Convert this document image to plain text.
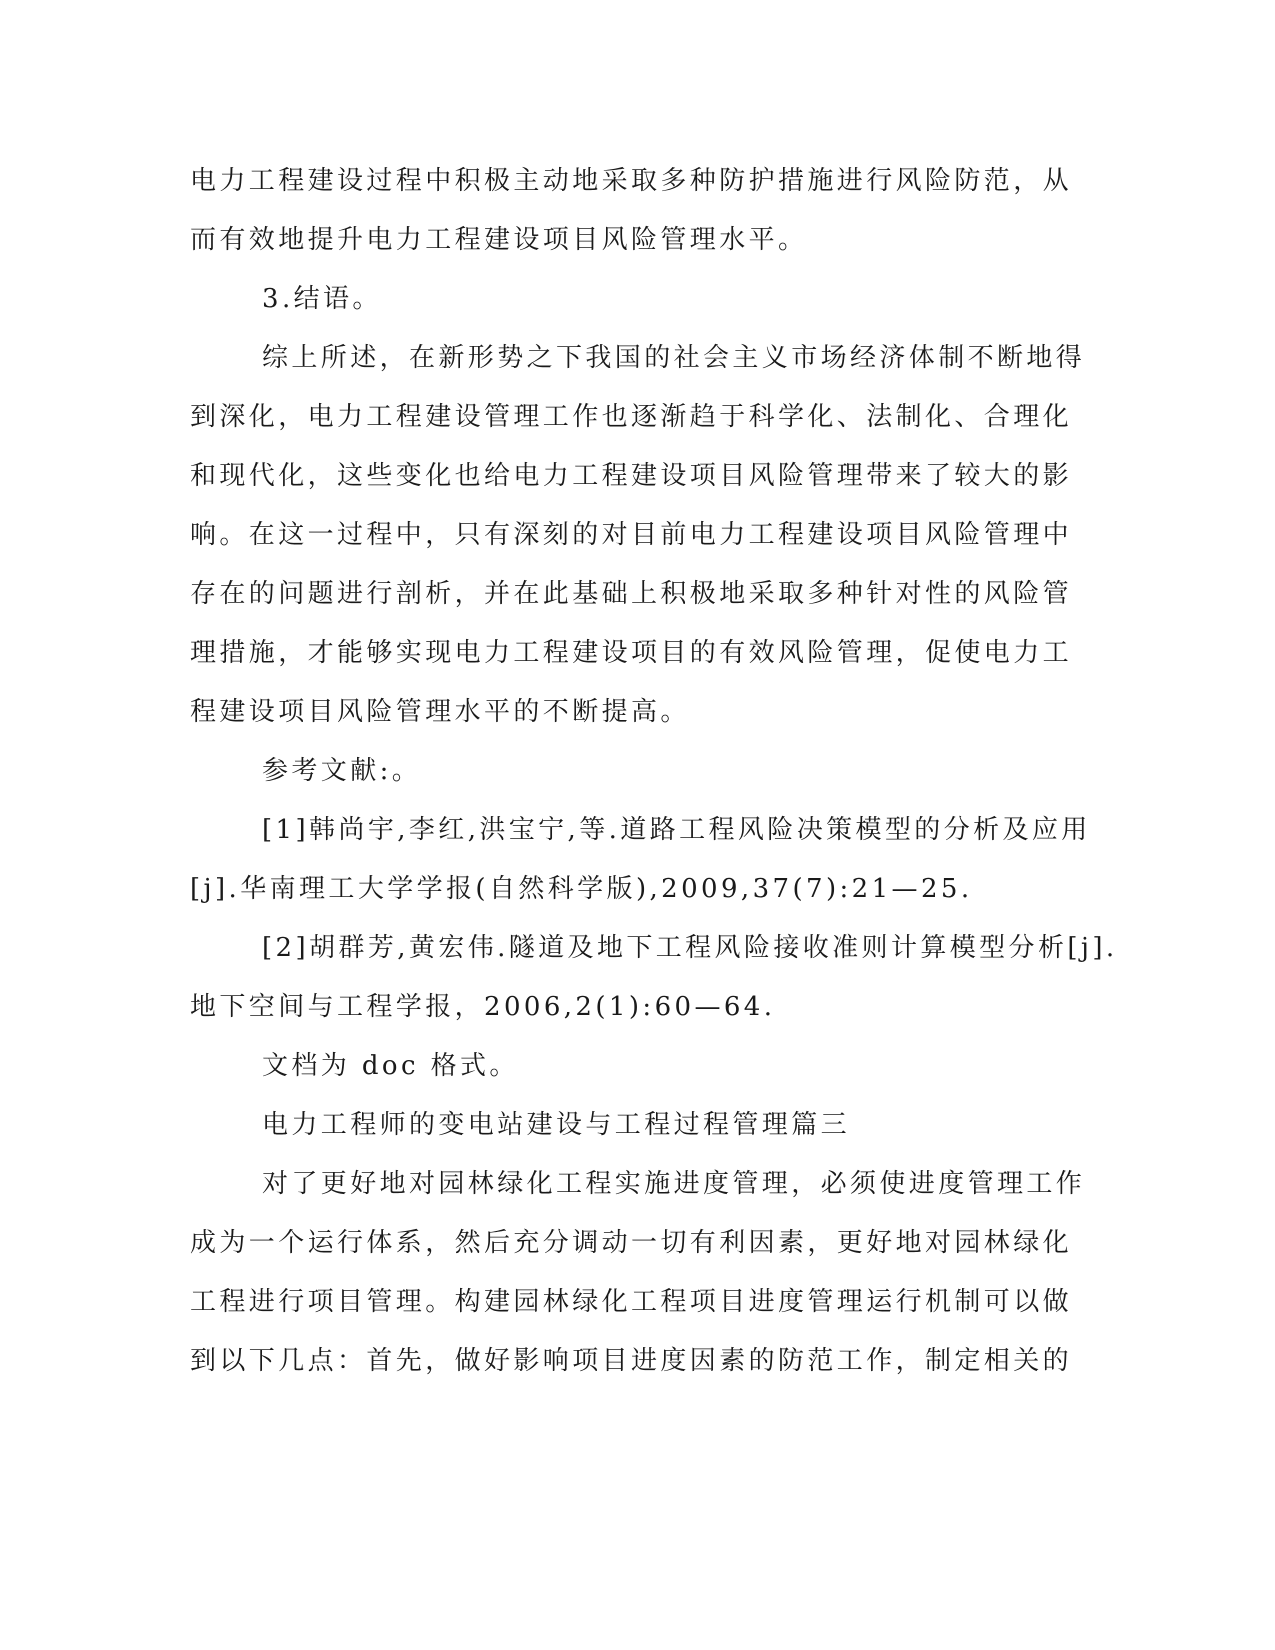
电力工程建设过程中积极主动地采取多种防护措施进行风险防范，从
而有效地提升电力工程建设项目风险管理水平。
3.结语。
综上所述，在新形势之下我国的社会主义市场经济体制不断地得
到深化，电力工程建设管理工作也逐渐趋于科学化、法制化、合理化
和现代化，这些变化也给电力工程建设项目风险管理带来了较大的影
响。在这一过程中，只有深刻的对目前电力工程建设项目风险管理中
存在的问题进行剖析，并在此基础上积极地采取多种针对性的风险管
理措施，才能够实现电力工程建设项目的有效风险管理，促使电力工
程建设项目风险管理水平的不断提高。
参考文献:。
[1]韩尚宇,李红,洪宝宁,等.道路工程风险决策模型的分析及应用
[j].华南理工大学学报(自然科学版),2009,37(7):21—25.
[2]胡群芳,黄宏伟.隧道及地下工程风险接收准则计算模型分析[j].
地下空间与工程学报，2006,2(1):60—64.
文档为 doc 格式。
电力工程师的变电站建设与工程过程管理篇三
对了更好地对园林绿化工程实施进度管理，必须使进度管理工作
成为一个运行体系，然后充分调动一切有利因素，更好地对园林绿化
工程进行项目管理。构建园林绿化工程项目进度管理运行机制可以做
到以下几点：首先，做好影响项目进度因素的防范工作，制定相关的
